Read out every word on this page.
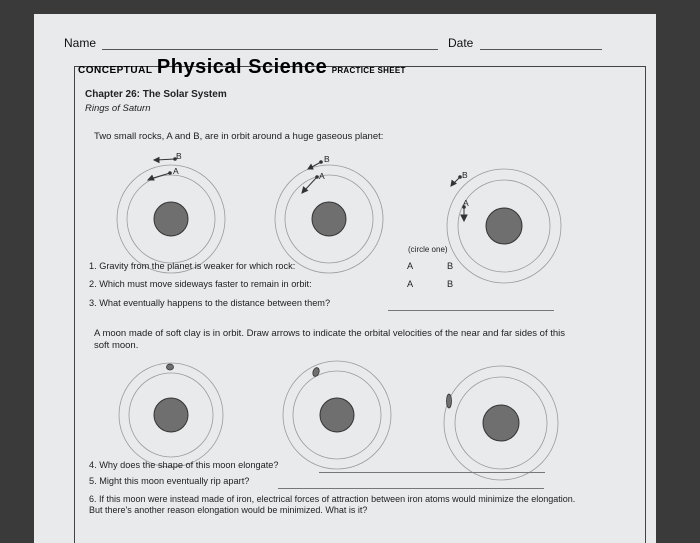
Name	Date
CONCEPTUAL Physical Science PRACTICE SHEET
Chapter 26: The Solar System
Rings of Saturn
Two small rocks, A and B, are in orbit around a huge gaseous planet:
B
A
B
A	B
A
(circle one)
1. Gravity from the planet is weaker for which rock:	A	B
2. Which must move sideways faster to remain in orbit:	A	B
3. What eventually happens to the distance between them?
A moon made of soft clay is in orbit. Draw arrows to indicate the orbital velocities of the near and far sides of this soft moon.
4. Why does the shape of this moon elongate?
5. Might this moon eventually rip apart?
6. If this moon were instead made of iron, electrical forces of attraction between iron atoms would minimize the elongation. But there's another reason elongation would be minimized. What is it?
